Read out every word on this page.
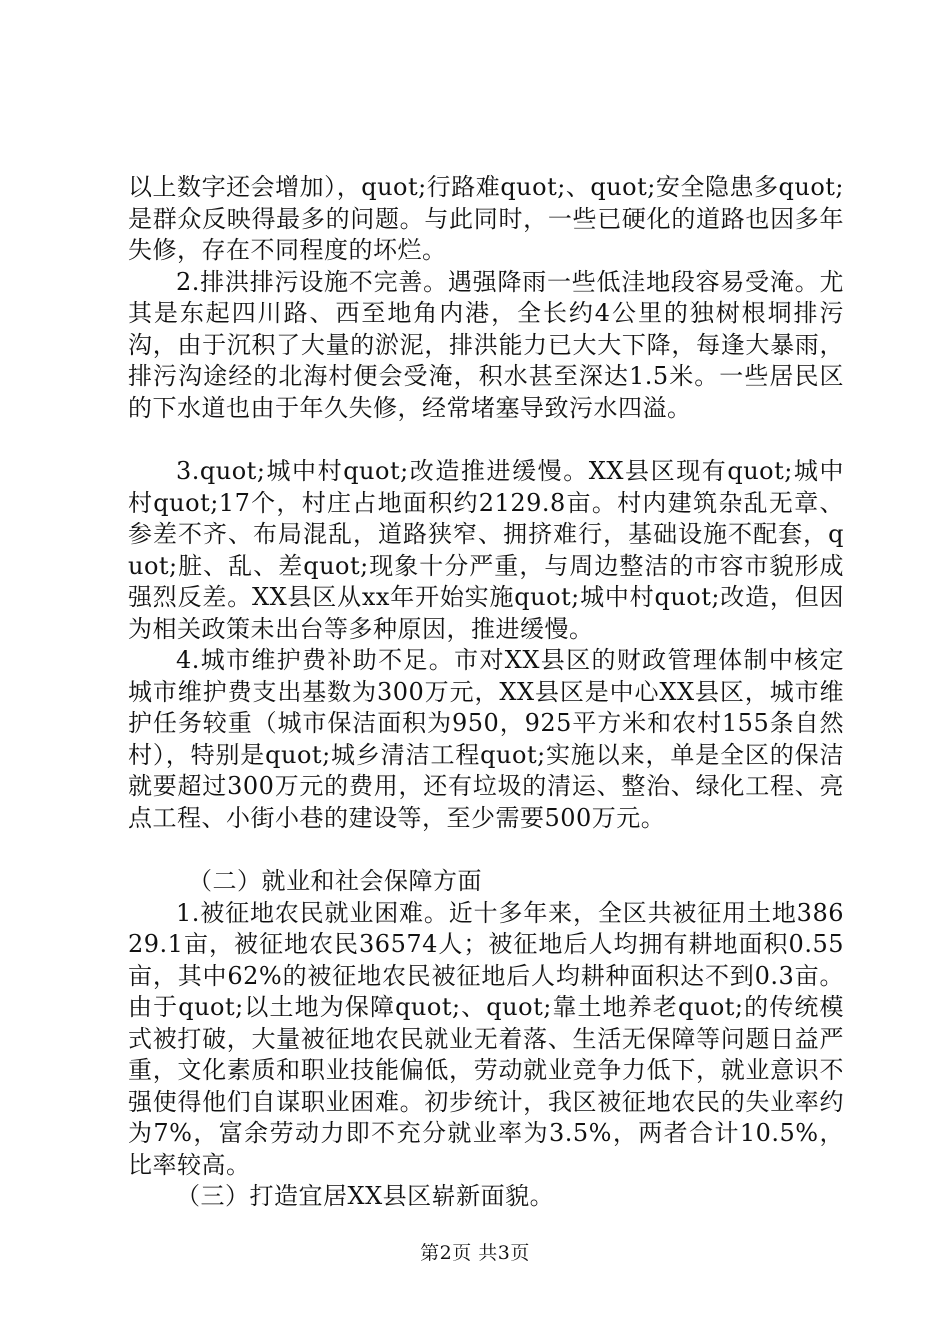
以上数字还会增加），quot;行路难quot;、quot;安全隐患多quot;是群众反映得最多的问题。与此同时，一些已硬化的道路也因多年失修，存在不同程度的坏烂。

2.排洪排污设施不完善。遇强降雨一些低洼地段容易受淹。尤其是东起四川路、西至地角内港，全长约4公里的独树根垌排污沟，由于沉积了大量的淤泥，排洪能力已大大下降，每逢大暴雨，排污沟途经的北海村便会受淹，积水甚至深达1.5米。一些居民区的下水道也由于年久失修，经常堵塞导致污水四溢。

3.quot;城中村quot;改造推进缓慢。XX县区现有quot;城中村quot;17个，村庄占地面积约2129.8亩。村内建筑杂乱无章、参差不齐、布局混乱，道路狭窄、拥挤难行，基础设施不配套，quot;脏、乱、差quot;现象十分严重，与周边整洁的市容市貌形成强烈反差。XX县区从xx年开始实施quot;城中村quot;改造，但因为相关政策未出台等多种原因，推进缓慢。

4.城市维护费补助不足。市对XX县区的财政管理体制中核定城市维护费支出基数为300万元，XX县区是中心XX县区，城市维护任务较重（城市保洁面积为950，925平方米和农村155条自然村），特别是quot;城乡清洁工程quot;实施以来，单是全区的保洁就要超过300万元的费用，还有垃圾的清运、整治、绿化工程、亮点工程、小街小巷的建设等，至少需要500万元。

（二）就业和社会保障方面

1.被征地农民就业困难。近十多年来，全区共被征用土地38629.1亩，被征地农民36574人；被征地后人均拥有耕地面积0.55亩，其中62%的被征地农民被征地后人均耕种面积达不到0.3亩。由于quot;以土地为保障quot;、quot;靠土地养老quot;的传统模式被打破，大量被征地农民就业无着落、生活无保障等问题日益严重，文化素质和职业技能偏低，劳动就业竞争力低下，就业意识不强使得他们自谋职业困难。初步统计，我区被征地农民的失业率约为7%，富余劳动力即不充分就业率为3.5%，两者合计10.5%，比率较高。

（三）打造宜居XX县区崭新面貌。

第2页 共3页
